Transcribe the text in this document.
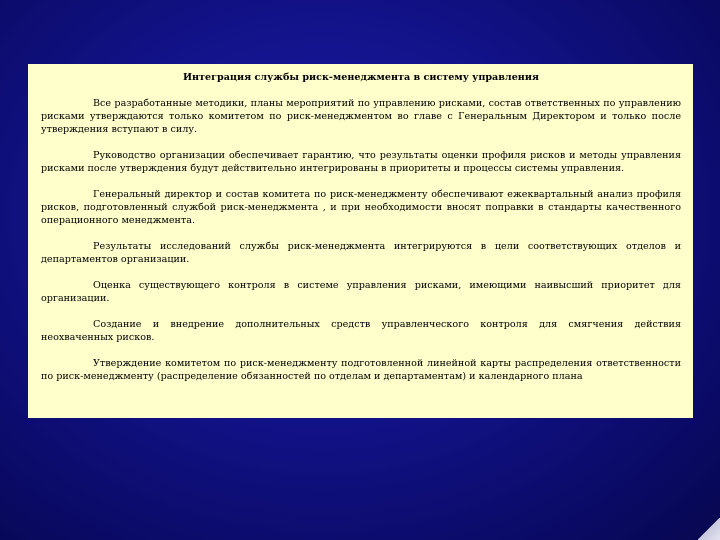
Интеграция службы риск-менеджмента в систему управления

Все разработанные методики, планы мероприятий по управлению рисками, состав ответственных по управлению рисками утверждаются только комитетом по риск-менеджментом во главе с Генеральным Директором и только после утверждения вступают в силу.

Руководство организации обеспечивает гарантию, что результаты оценки профиля рисков и методы управления рисками после утверждения будут действительно интегрированы в приоритеты и процессы системы управления.

Генеральный директор и состав комитета по риск-менеджменту обеспечивают ежеквартальный анализ профиля рисков, подготовленный службой риск-менеджмента , и при необходимости вносят поправки в стандарты качественного операционного менеджмента.

Результаты исследований службы риск-менеджмента интегрируются в цели соответствующих отделов и департаментов организации.

Оценка существующего контроля в системе управления рисками, имеющими наивысший приоритет для организации.

Создание и внедрение дополнительных средств управленческого контроля для смягчения действия неохваченных рисков.

Утверждение комитетом по риск-менеджменту подготовленной линейной карты распределения ответственности по риск-менеджменту (распределение обязанностей по отделам и департаментам) и календарного плана
